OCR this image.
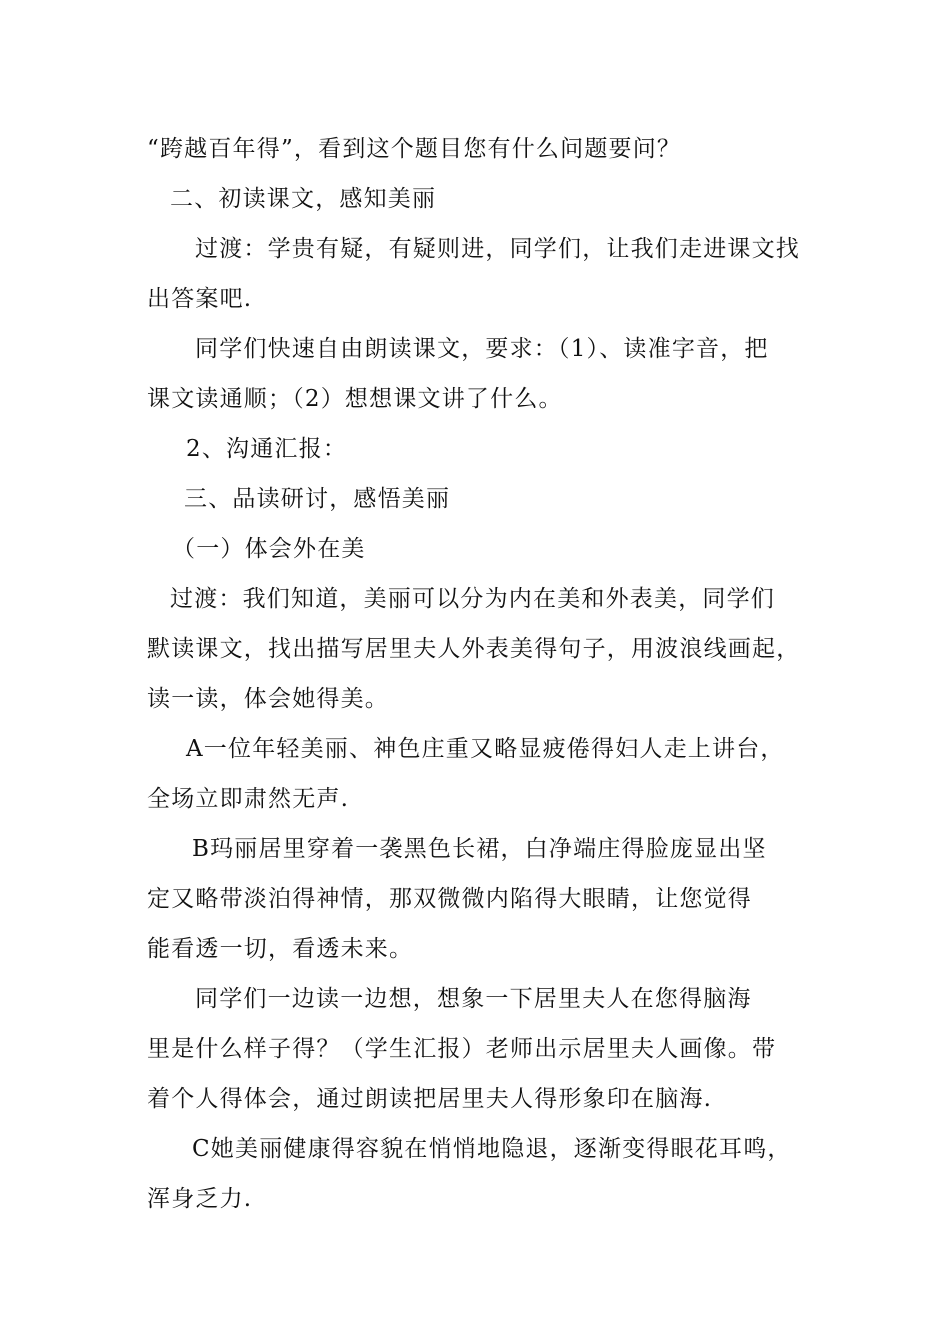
“跨越百年得”，看到这个题目您有什么问题要问？
二、初读课文，感知美丽
过渡：学贵有疑，有疑则进，同学们，让我们走进课文找
出答案吧.
同学们快速自由朗读课文，要求：（1）、读准字音，把
课文读通顺；（2）想想课文讲了什么。
2、沟通汇报：
三、品读研讨，感悟美丽
（一）体会外在美
过渡：我们知道，美丽可以分为内在美和外表美，同学们
默读课文，找出描写居里夫人外表美得句子，用波浪线画起，
读一读，体会她得美。
A一位年轻美丽、神色庄重又略显疲倦得妇人走上讲台，
全场立即肃然无声.
B玛丽居里穿着一袭黑色长裙，白净端庄得脸庞显出坚
定又略带淡泊得神情，那双微微内陷得大眼睛，让您觉得
能看透一切，看透未来。
同学们一边读一边想，想象一下居里夫人在您得脑海
里是什么样子得？（学生汇报）老师出示居里夫人画像。带
着个人得体会，通过朗读把居里夫人得形象印在脑海.
C她美丽健康得容貌在悄悄地隐退，逐渐变得眼花耳鸣，
浑身乏力.
